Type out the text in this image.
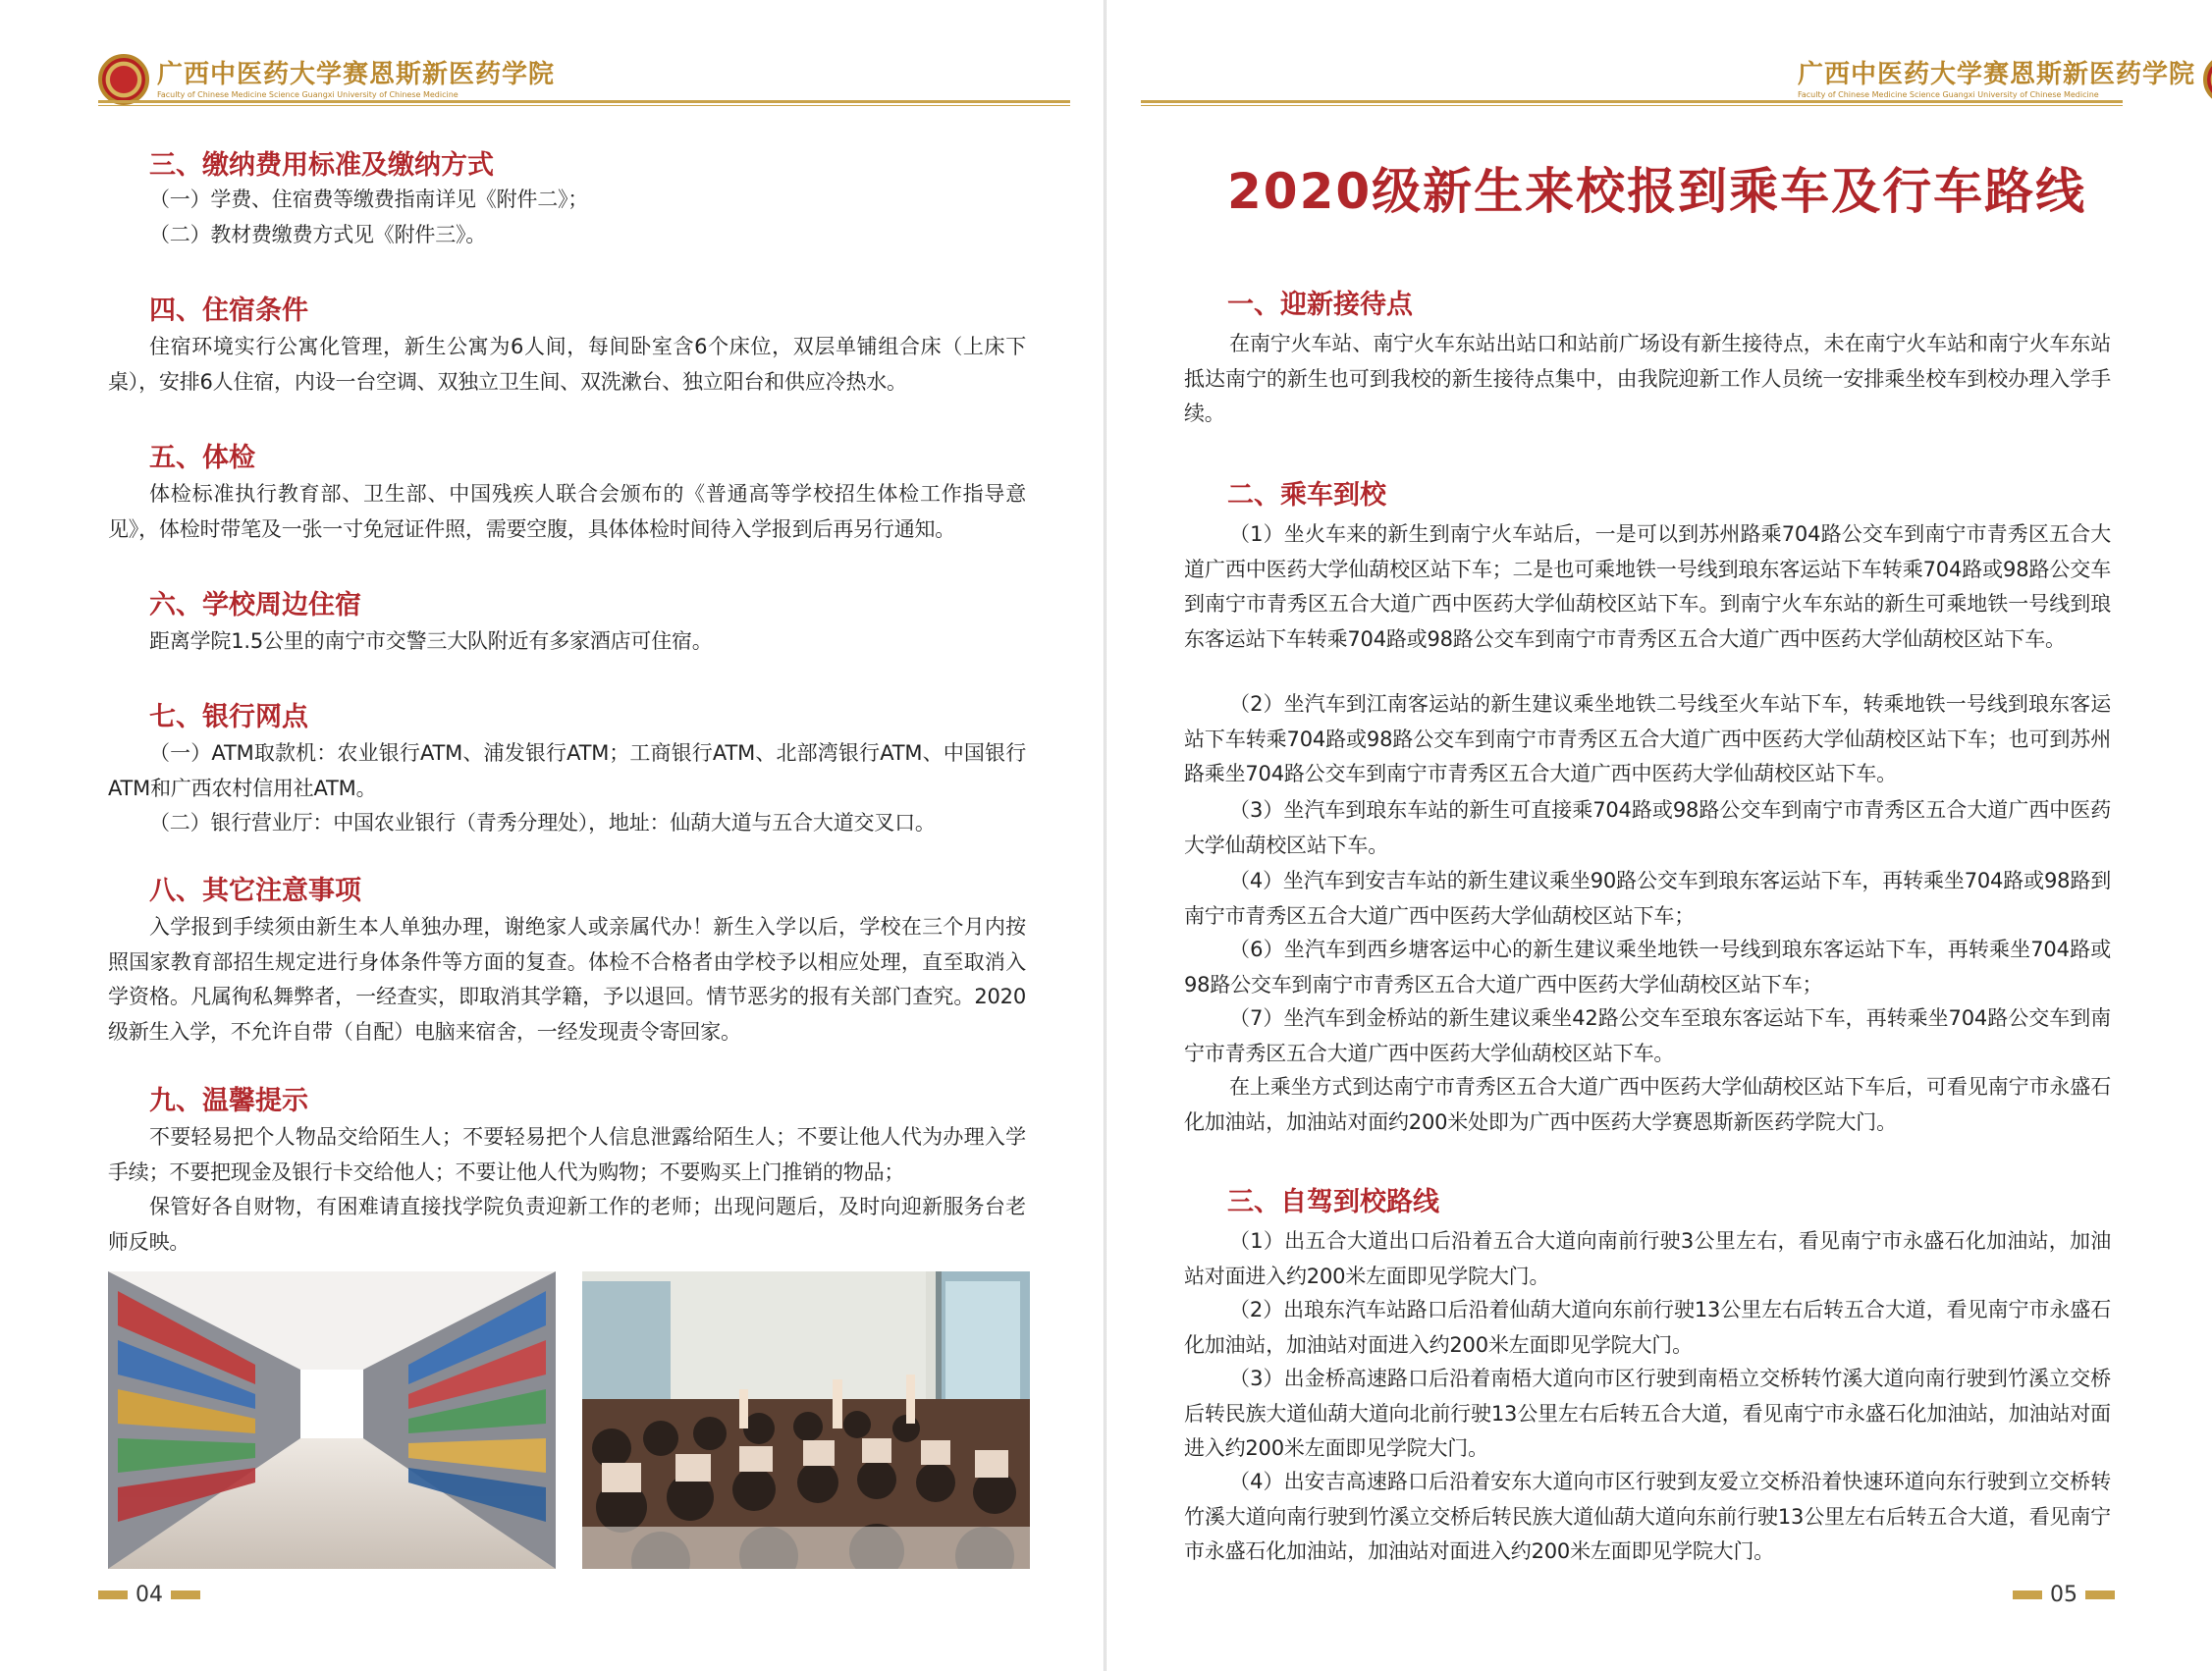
广西中医药大学赛恩斯新医药学院
Faculty of Chinese Medicine Science Guangxi University of Chinese Medicine
三、缴纳费用标准及缴纳方式
（一）学费、住宿费等缴费指南详见《附件二》；
（二）教材费缴费方式见《附件三》。
四、住宿条件
住宿环境实行公寓化管理，新生公寓为6人间，每间卧室含6个床位，双层单铺组合床（上床下桌），安排6人住宿，内设一台空调、双独立卫生间、双洗漱台、独立阳台和供应冷热水。
五、体检
体检标准执行教育部、卫生部、中国残疾人联合会颁布的《普通高等学校招生体检工作指导意见》，体检时带笔及一张一寸免冠证件照，需要空腹，具体体检时间待入学报到后再另行通知。
六、学校周边住宿
距离学院1.5公里的南宁市交警三大队附近有多家酒店可住宿。
七、银行网点
（一）ATM取款机：农业银行ATM、浦发银行ATM；工商银行ATM、北部湾银行ATM、中国银行ATM和广西农村信用社ATM。
（二）银行营业厅：中国农业银行（青秀分理处），地址：仙葫大道与五合大道交叉口。
八、其它注意事项
入学报到手续须由新生本人单独办理，谢绝家人或亲属代办！新生入学以后，学校在三个月内按照国家教育部招生规定进行身体条件等方面的复查。体检不合格者由学校予以相应处理，直至取消入学资格。凡属徇私舞弊者，一经查实，即取消其学籍，予以退回。情节恶劣的报有关部门查究。2020级新生入学，不允许自带（自配）电脑来宿舍，一经发现责令寄回家。
九、温馨提示
不要轻易把个人物品交给陌生人；不要轻易把个人信息泄露给陌生人；不要让他人代为办理入学手续；不要把现金及银行卡交给他人；不要让他人代为购物；不要购买上门推销的物品；
保管好各自财物，有困难请直接找学院负责迎新工作的老师；出现问题后，及时向迎新服务台老师反映。
04
广西中医药大学赛恩斯新医药学院
Faculty of Chinese Medicine Science Guangxi University of Chinese Medicine
2020级新生来校报到乘车及行车路线
一、迎新接待点
在南宁火车站、南宁火车东站出站口和站前广场设有新生接待点，未在南宁火车站和南宁火车东站抵达南宁的新生也可到我校的新生接待点集中，由我院迎新工作人员统一安排乘坐校车到校办理入学手续。
二、乘车到校
（1）坐火车来的新生到南宁火车站后，一是可以到苏州路乘704路公交车到南宁市青秀区五合大道广西中医药大学仙葫校区站下车；二是也可乘地铁一号线到琅东客运站下车转乘704路或98路公交车到南宁市青秀区五合大道广西中医药大学仙葫校区站下车。到南宁火车东站的新生可乘地铁一号线到琅东客运站下车转乘704路或98路公交车到南宁市青秀区五合大道广西中医药大学仙葫校区站下车。
（2）坐汽车到江南客运站的新生建议乘坐地铁二号线至火车站下车，转乘地铁一号线到琅东客运站下车转乘704路或98路公交车到南宁市青秀区五合大道广西中医药大学仙葫校区站下车；也可到苏州路乘坐704路公交车到南宁市青秀区五合大道广西中医药大学仙葫校区站下车。
（3）坐汽车到琅东车站的新生可直接乘704路或98路公交车到南宁市青秀区五合大道广西中医药大学仙葫校区站下车。
（4）坐汽车到安吉车站的新生建议乘坐90路公交车到琅东客运站下车，再转乘坐704路或98路到南宁市青秀区五合大道广西中医药大学仙葫校区站下车；
（6）坐汽车到西乡塘客运中心的新生建议乘坐地铁一号线到琅东客运站下车，再转乘坐704路或98路公交车到南宁市青秀区五合大道广西中医药大学仙葫校区站下车；
（7）坐汽车到金桥站的新生建议乘坐42路公交车至琅东客运站下车，再转乘坐704路公交车到南宁市青秀区五合大道广西中医药大学仙葫校区站下车。
在上乘坐方式到达南宁市青秀区五合大道广西中医药大学仙葫校区站下车后，可看见南宁市永盛石化加油站，加油站对面约200米处即为广西中医药大学赛恩斯新医药学院大门。
三、自驾到校路线
（1）出五合大道出口后沿着五合大道向南前行驶3公里左右，看见南宁市永盛石化加油站，加油站对面进入约200米左面即见学院大门。
（2）出琅东汽车站路口后沿着仙葫大道向东前行驶13公里左右后转五合大道，看见南宁市永盛石化加油站，加油站对面进入约200米左面即见学院大门。
（3）出金桥高速路口后沿着南梧大道向市区行驶到南梧立交桥转竹溪大道向南行驶到竹溪立交桥后转民族大道仙葫大道向北前行驶13公里左右后转五合大道，看见南宁市永盛石化加油站，加油站对面进入约200米左面即见学院大门。
（4）出安吉高速路口后沿着安东大道向市区行驶到友爱立交桥沿着快速环道向东行驶到立交桥转竹溪大道向南行驶到竹溪立交桥后转民族大道仙葫大道向东前行驶13公里左右后转五合大道，看见南宁市永盛石化加油站，加油站对面进入约200米左面即见学院大门。
05
